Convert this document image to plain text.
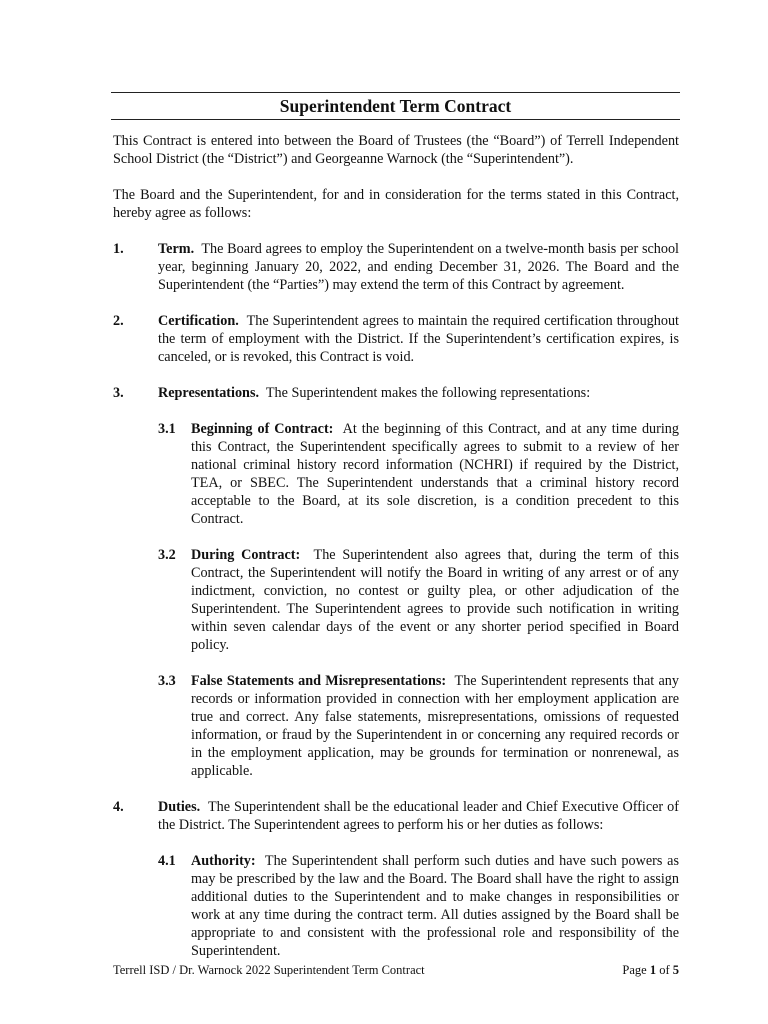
Superintendent Term Contract

This Contract is entered into between the Board of Trustees (the “Board”) of Terrell Independent School District (the “District”) and Georgeanne Warnock (the “Superintendent”).

The Board and the Superintendent, for and in consideration for the terms stated in this Contract, hereby agree as follows:

1. Term. The Board agrees to employ the Superintendent on a twelve-month basis per school year, beginning January 20, 2022, and ending December 31, 2026. The Board and the Superintendent (the “Parties”) may extend the term of this Contract by agreement.
2. Certification. The Superintendent agrees to maintain the required certification throughout the term of employment with the District. If the Superintendent’s certification expires, is canceled, or is revoked, this Contract is void.
3. Representations. The Superintendent makes the following representations:
3.1 Beginning of Contract: At the beginning of this Contract, and at any time during this Contract, the Superintendent specifically agrees to submit to a review of her national criminal history record information (NCHRI) if required by the District, TEA, or SBEC. The Superintendent understands that a criminal history record acceptable to the Board, at its sole discretion, is a condition precedent to this Contract.
3.2 During Contract: The Superintendent also agrees that, during the term of this Contract, the Superintendent will notify the Board in writing of any arrest or of any indictment, conviction, no contest or guilty plea, or other adjudication of the Superintendent. The Superintendent agrees to provide such notification in writing within seven calendar days of the event or any shorter period specified in Board policy.
3.3 False Statements and Misrepresentations: The Superintendent represents that any records or information provided in connection with her employment application are true and correct. Any false statements, misrepresentations, omissions of requested information, or fraud by the Superintendent in or concerning any required records or in the employment application, may be grounds for termination or nonrenewal, as applicable.
4. Duties. The Superintendent shall be the educational leader and Chief Executive Officer of the District. The Superintendent agrees to perform his or her duties as follows:
4.1 Authority: The Superintendent shall perform such duties and have such powers as may be prescribed by the law and the Board. The Board shall have the right to assign additional duties to the Superintendent and to make changes in responsibilities or work at any time during the contract term. All duties assigned by the Board shall be appropriate to and consistent with the professional role and responsibility of the Superintendent.
Terrell ISD / Dr. Warnock 2022 Superintendent Term Contract	Page 1 of 5
